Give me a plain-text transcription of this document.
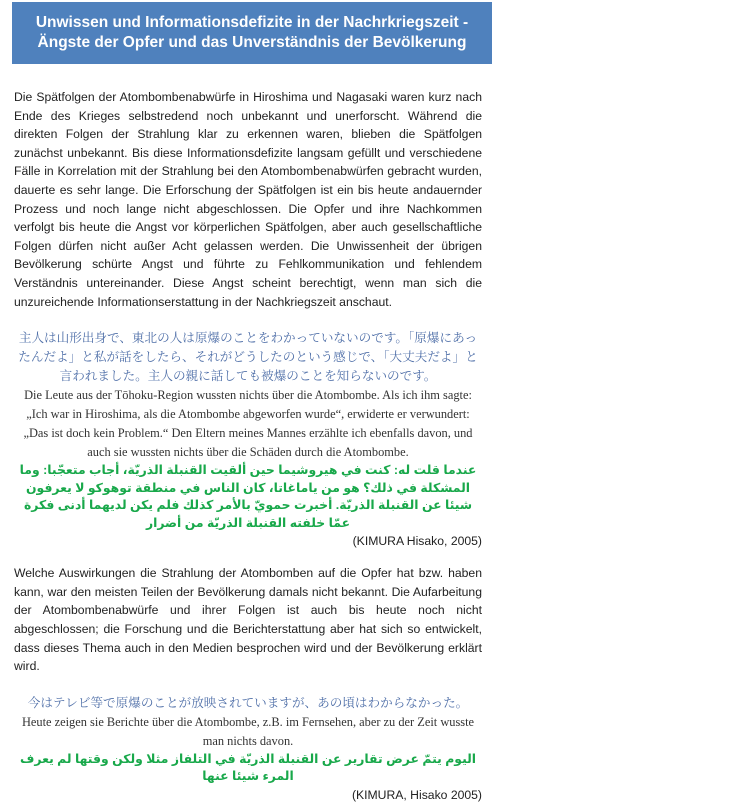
Unwissen und Informationsdefizite in der Nachrkriegszeit - Ängste der Opfer und das Unverständnis der Bevölkerung

Die Spätfolgen der Atombombenabwürfe in Hiroshima und Nagasaki waren kurz nach Ende des Krieges selbstredend noch unbekannt und unerforscht. Während die direkten Folgen der Strahlung klar zu erkennen waren, blieben die Spätfolgen zunächst unbekannt. Bis diese Informationsdefizite langsam gefüllt und verschiedene Fälle in Korrelation mit der Strahlung bei den Atombombenabwürfen gebracht wurden, dauerte es sehr lange. Die Erforschung der Spätfolgen ist ein bis heute andauernder Prozess und noch lange nicht abgeschlossen. Die Opfer und ihre Nachkommen verfolgt bis heute die Angst vor körperlichen Spätfolgen, aber auch gesellschaftliche Folgen dürfen nicht außer Acht gelassen werden. Die Unwissenheit der übrigen Bevölkerung schürte Angst und führte zu Fehlkommunikation und fehlendem Verständnis untereinander. Diese Angst scheint berechtigt, wenn man sich die unzureichende Informationserstattung in der Nachkriegszeit anschaut.

主人は山形出身で、東北の人は原爆のことをわかっていないのです。「原爆にあったんだよ」と私が話をしたら、それがどうしたのという感じで、「大丈夫だよ」と言われました。主人の親に話しても被爆のことを知らないのです。
Die Leute aus der Tōhoku-Region wussten nichts über die Atombombe. Als ich ihm sagte: „Ich war in Hiroshima, als die Atombombe abgeworfen wurde“, erwiderte er verwundert: „Das ist doch kein Problem.“ Den Eltern meines Mannes erzählte ich ebenfalls davon, und auch sie wussten nichts über die Schäden durch die Atombombe.
عندما قلت له: كنت في هيروشيما حين ألقيت القنبلة الذريّة، أجاب متعجّبا: وما المشكلة في ذلك؟ هو من ياماغاتا، كان الناس في منطقة توهوكو لا يعرفون شيئا عن القنبلة الذريّة. أخبرت حمويّ بالأمر كذلك فلم يكن لديهما أدنى فكرة عمّا خلفته القنبلة الذريّة من أضرار
(KIMURA Hisako, 2005)

Welche Auswirkungen die Strahlung der Atombomben auf die Opfer hat bzw. haben kann, war den meisten Teilen der Bevölkerung damals nicht bekannt. Die Aufarbeitung der Atombombenabwürfe und ihrer Folgen ist auch bis heute noch nicht abgeschlossen; die Forschung und die Berichterstattung aber hat sich so entwickelt, dass dieses Thema auch in den Medien besprochen wird und der Bevölkerung erklärt wird.

今はテレビ等で原爆のことが放映されていますが、あの頃はわからなかった。
Heute zeigen sie Berichte über die Atombombe, z.B. im Fernsehen, aber zu der Zeit wusste man nichts davon.
اليوم يتمّ عرض تقارير عن القنبلة الذريّة في التلفاز مثلا ولكن وقتها لم يعرف المرء شيئا عنها
(KIMURA, Hisako 2005)
